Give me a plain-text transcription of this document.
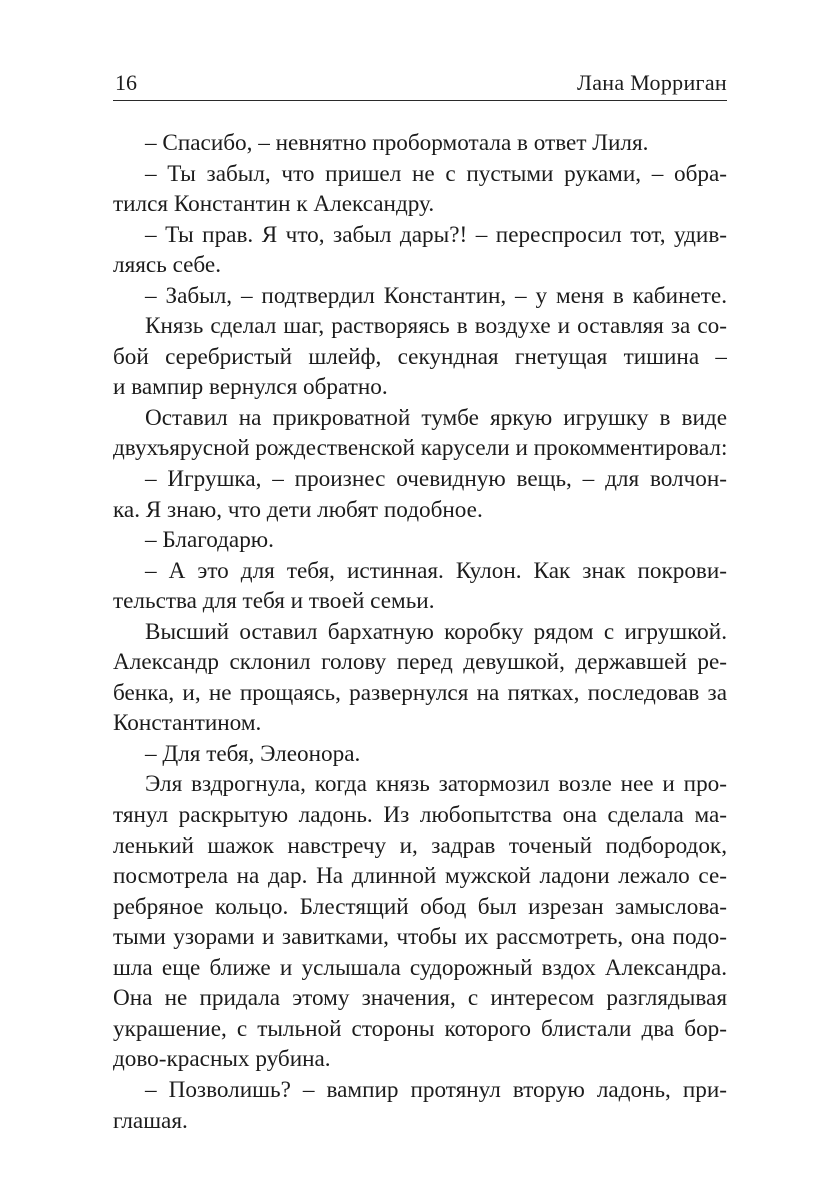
16	Лана Морриган
– Спасибо, – невнятно пробормотала в ответ Лиля.
– Ты забыл, что пришел не с пустыми руками, – обра-
тился Константин к Александру.
– Ты прав. Я что, забыл дары?! – переспросил тот, удив-
ляясь себе.
– Забыл, – подтвердил Константин, – у меня в кабинете.
Князь сделал шаг, растворяясь в воздухе и оставляя за со-
бой серебристый шлейф, секундная гнетущая тишина –
и вампир вернулся обратно.
Оставил на прикроватной тумбе яркую игрушку в виде
двухъярусной рождественской карусели и прокомментировал:
– Игрушка, – произнес очевидную вещь, – для волчон-
ка. Я знаю, что дети любят подобное.
– Благодарю.
– А это для тебя, истинная. Кулон. Как знак покрови-
тельства для тебя и твоей семьи.
Высший оставил бархатную коробку рядом с игрушкой.
Александр склонил голову перед девушкой, державшей ре-
бенка, и, не прощаясь, развернулся на пятках, последовав за
Константином.
– Для тебя, Элеонора.
Эля вздрогнула, когда князь затормозил возле нее и про-
тянул раскрытую ладонь. Из любопытства она сделала ма-
ленький шажок навстречу и, задрав точеный подбородок,
посмотрела на дар. На длинной мужской ладони лежало се-
ребряное кольцо. Блестящий обод был изрезан замыслова-
тыми узорами и завитками, чтобы их рассмотреть, она подо-
шла еще ближе и услышала судорожный вздох Александра.
Она не придала этому значения, с интересом разглядывая
украшение, с тыльной стороны которого блистали два бор-
дово-красных рубина.
– Позволишь? – вампир протянул вторую ладонь, при-
глашая.
